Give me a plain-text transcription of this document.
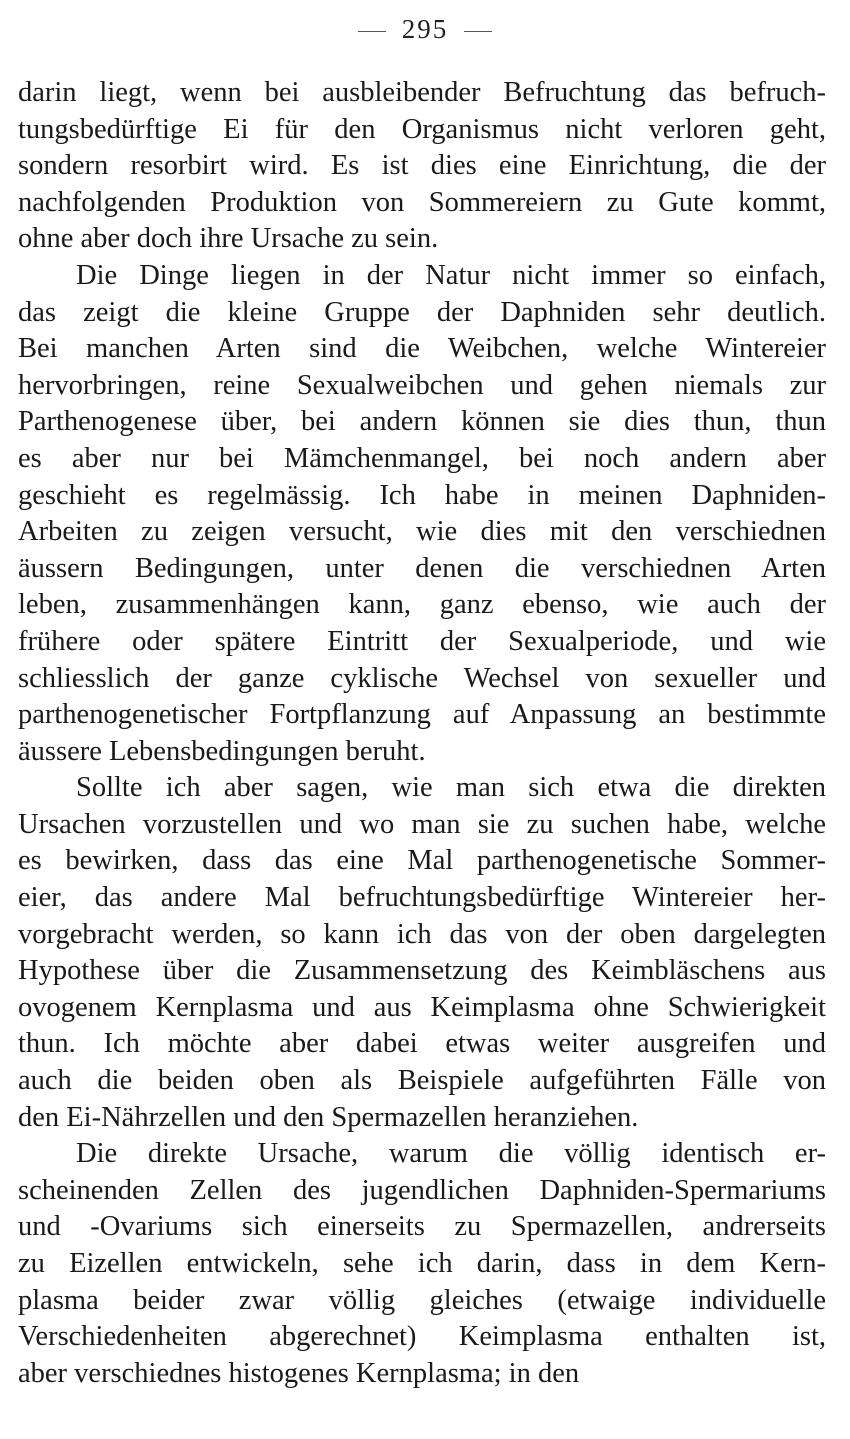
295
darin liegt, wenn bei ausbleibender Befruchtung das befruch-
tungsbedürftige Ei für den Organismus nicht verloren geht,
sondern resorbirt wird. Es ist dies eine Einrichtung, die der
nachfolgenden Produktion von Sommereiern zu Gute kommt,
ohne aber doch ihre Ursache zu sein.
Die Dinge liegen in der Natur nicht immer so einfach,
das zeigt die kleine Gruppe der Daphniden sehr deutlich.
Bei manchen Arten sind die Weibchen, welche Wintereier
hervorbringen, reine Sexualweibchen und gehen niemals zur
Parthenogenese über, bei andern können sie dies thun, thun
es aber nur bei Mämchenmangel, bei noch andern aber
geschieht es regelmässig. Ich habe in meinen Daphniden-
Arbeiten zu zeigen versucht, wie dies mit den verschiednen
äussern Bedingungen, unter denen die verschiednen Arten
leben, zusammenhängen kann, ganz ebenso, wie auch der
frühere oder spätere Eintritt der Sexualperiode, und wie
schliesslich der ganze cyklische Wechsel von sexueller und
parthenogenetischer Fortpflanzung auf Anpassung an bestimmte
äussere Lebensbedingungen beruht.
Sollte ich aber sagen, wie man sich etwa die direkten
Ursachen vorzustellen und wo man sie zu suchen habe, welche
es bewirken, dass das eine Mal parthenogenetische Sommer-
eier, das andere Mal befruchtungsbedürftige Wintereier her-
vorgebracht werden, so kann ich das von der oben dargelegten
Hypothese über die Zusammensetzung des Keimbläschens aus
ovogenem Kernplasma und aus Keimplasma ohne Schwierigkeit
thun. Ich möchte aber dabei etwas weiter ausgreifen und
auch die beiden oben als Beispiele aufgeführten Fälle von
den Ei-Nährzellen und den Spermazellen heranziehen.
Die direkte Ursache, warum die völlig identisch er-
scheinenden Zellen des jugendlichen Daphniden-Spermariums
und -Ovariums sich einerseits zu Spermazellen, andrerseits
zu Eizellen entwickeln, sehe ich darin, dass in dem Kern-
plasma beider zwar völlig gleiches (etwaige individuelle
Verschiedenheiten abgerechnet) Keimplasma enthalten ist,
aber verschiednes histogenes Kernplasma; in den
